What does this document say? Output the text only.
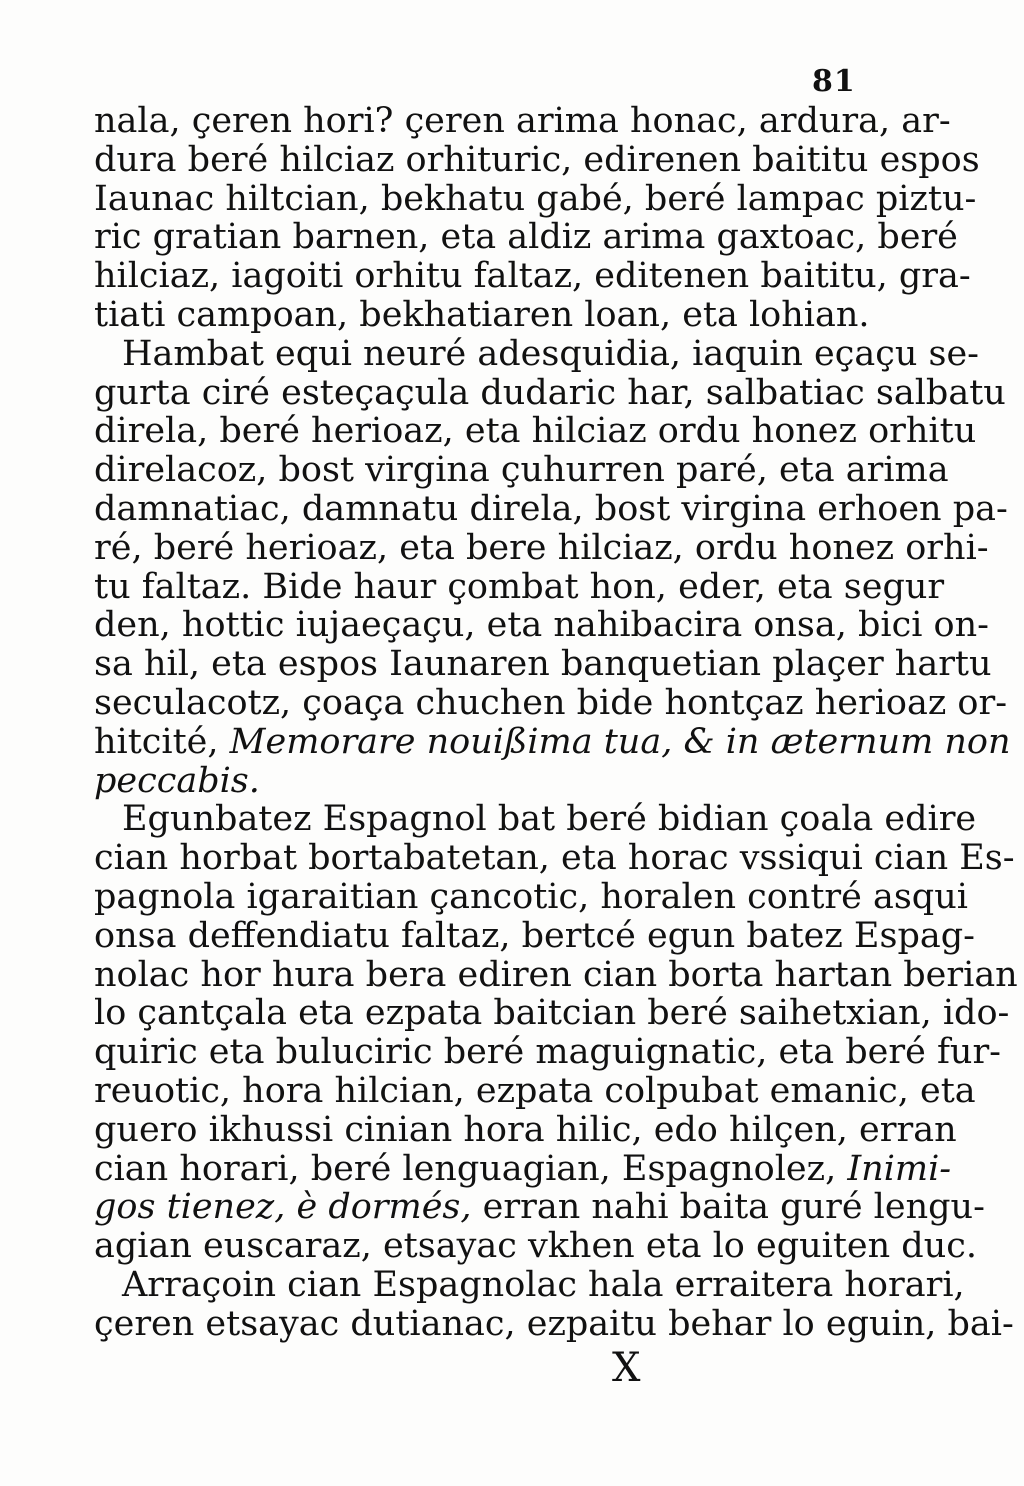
81
nala, çeren hori? çeren arima honac, ardura, ar-
dura beré hilciaz orhituric, edirenen baititu espos
Iaunac hiltcian, bekhatu gabé, beré lampac piztu-
ric gratian barnen, eta aldiz arima gaxtoac, beré
hilciaz, iagoiti orhitu faltaz, editenen baititu, gra-
tiati campoan, bekhatiaren loan, eta lohian.
Hambat equi neuré adesquidia, iaquin eçaçu se-
gurta ciré esteçaçula dudaric har, salbatiac salbatu
direla, beré herioaz, eta hilciaz ordu honez orhitu
direlacoz, bost virgina çuhurren paré, eta arima
damnatiac, damnatu direla, bost virgina erhoen pa-
ré, beré herioaz, eta bere hilciaz, ordu honez orhi-
tu faltaz. Bide haur çombat hon, eder, eta segur
den, hottic iujaeçaçu, eta nahibacira onsa, bici on-
sa hil, eta espos Iaunaren banquetian plaçer hartu
seculacotz, çoaça chuchen bide hontçaz herioaz or-
hitcité, Memorare nouißima tua, & in æternum non
peccabis.
Egunbatez Espagnol bat beré bidian çoala edire
cian horbat bortabatetan, eta horac vssiqui cian Es-
pagnola igaraitian çancotic, horalen contré asqui
onsa deffendiatu faltaz, bertcé egun batez Espag-
nolac hor hura bera ediren cian borta hartan berian
lo çantçala eta ezpata baitcian beré saihetxian, ido-
quiric eta buluciric beré maguignatic, eta beré fur-
reuotic, hora hilcian, ezpata colpubat emanic, eta
guero ikhussi cinian hora hilic, edo hilçen, erran
cian horari, beré lenguagian, Espagnolez, Inimi-
gos tienez, è dormés, erran nahi baita guré lengu-
agian euscaraz, etsayac vkhen eta lo eguiten duc.
Arraçoin cian Espagnolac hala erraitera horari,
çeren etsayac dutianac, ezpaitu behar lo eguin, bai-
X
